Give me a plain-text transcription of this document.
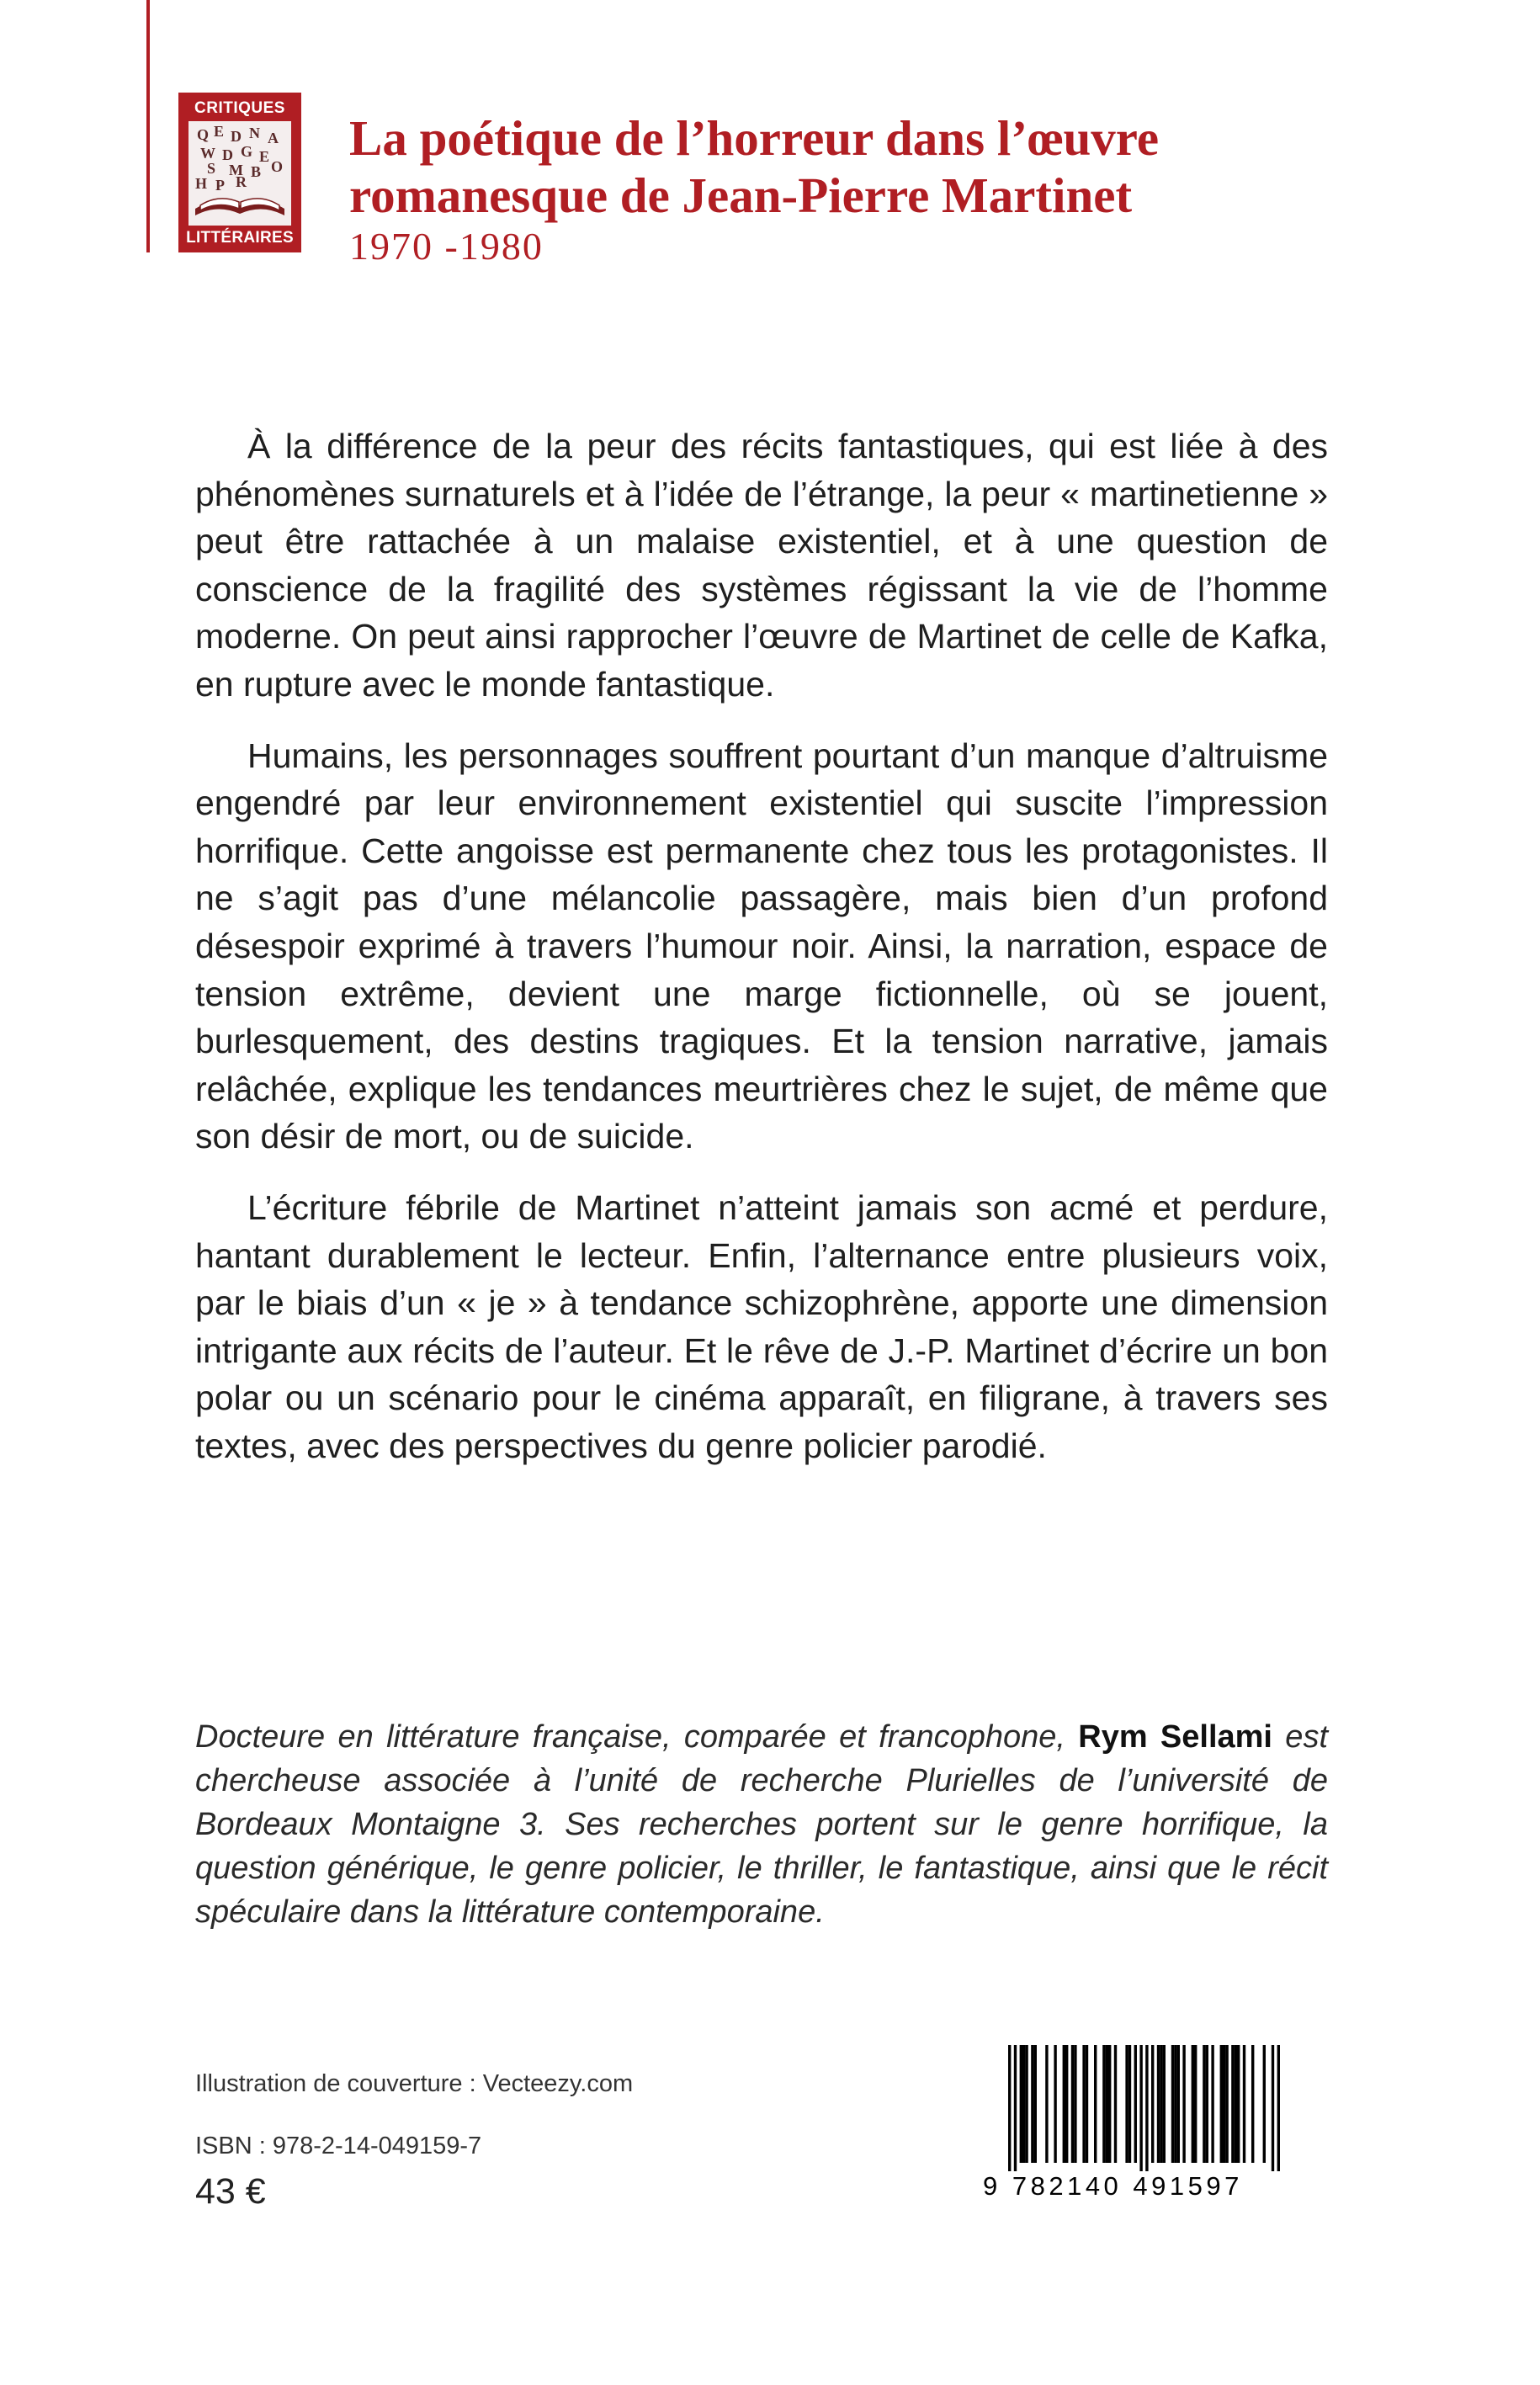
CRITIQUES
Q E D N A
W D G E
S M B O
H P R
LITTÉRAIRES
La poétique de l’horreur dans l’œuvre
romanesque de Jean-Pierre Martinet
1970 -1980

À la différence de la peur des récits fantastiques, qui est liée à des phénomènes surnaturels et à l’idée de l’étrange, la peur « martinetienne » peut être rattachée à un malaise existentiel, et à une question de conscience de la fragilité des systèmes régissant la vie de l’homme moderne. On peut ainsi rapprocher l’œuvre de Martinet de celle de Kafka, en rupture avec le monde fantastique.

Humains, les personnages souffrent pourtant d’un manque d’altruisme engendré par leur environnement existentiel qui suscite l’impression horrifique. Cette angoisse est permanente chez tous les protagonistes. Il ne s’agit pas d’une mélancolie passagère, mais bien d’un profond désespoir exprimé à travers l’humour noir. Ainsi, la narration, espace de tension extrême, devient une marge fictionnelle, où se jouent, burlesquement, des destins tragiques. Et la tension narrative, jamais relâchée, explique les tendances meurtrières chez le sujet, de même que son désir de mort, ou de suicide.

L’écriture fébrile de Martinet n’atteint jamais son acmé et perdure, hantant durablement le lecteur. Enfin, l’alternance entre plusieurs voix, par le biais d’un « je » à tendance schizophrène, apporte une dimension intrigante aux récits de l’auteur. Et le rêve de J.-P. Martinet d’écrire un bon polar ou un scénario pour le cinéma apparaît, en filigrane, à travers ses textes, avec des perspectives du genre policier parodié.

Docteure en littérature française, comparée et francophone, Rym Sellami est chercheuse associée à l’unité de recherche Plurielles de l’université de Bordeaux Montaigne 3. Ses recherches portent sur le genre horrifique, la question générique, le genre policier, le thriller, le fantastique, ainsi que le récit spéculaire dans la littérature contemporaine.

Illustration de couverture : Vecteezy.com
ISBN : 978-2-14-049159-7
43 €	9 782140 491597
